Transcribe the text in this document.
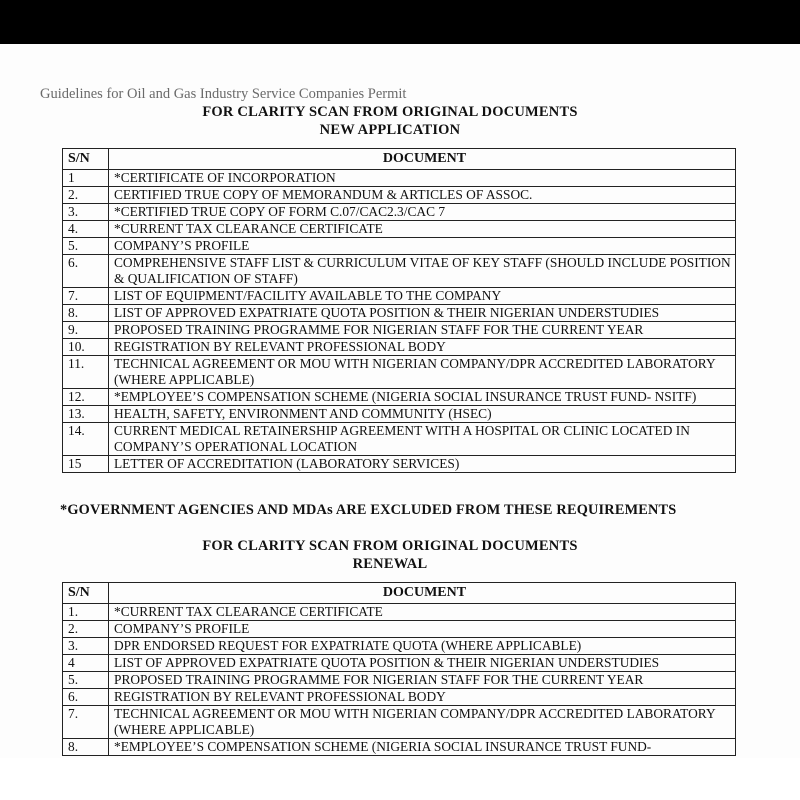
Guidelines for Oil and Gas Industry Service Companies Permit
FOR CLARITY SCAN FROM ORIGINAL DOCUMENTS
NEW APPLICATION
S/N	DOCUMENT
1	*CERTIFICATE OF INCORPORATION
2.	CERTIFIED TRUE COPY OF MEMORANDUM & ARTICLES OF ASSOC.
3.	*CERTIFIED TRUE COPY OF FORM C.07/CAC2.3/CAC 7
4.	*CURRENT TAX CLEARANCE CERTIFICATE
5.	COMPANY’S PROFILE
6.	COMPREHENSIVE STAFF LIST & CURRICULUM VITAE OF KEY STAFF (SHOULD INCLUDE POSITION & QUALIFICATION OF STAFF)
7.	LIST OF EQUIPMENT/FACILITY AVAILABLE TO THE COMPANY
8.	LIST OF APPROVED EXPATRIATE QUOTA POSITION & THEIR NIGERIAN UNDERSTUDIES
9.	PROPOSED TRAINING PROGRAMME FOR NIGERIAN STAFF FOR THE CURRENT YEAR
10.	REGISTRATION BY RELEVANT PROFESSIONAL BODY
11.	TECHNICAL AGREEMENT OR MOU WITH NIGERIAN COMPANY/DPR ACCREDITED LABORATORY (WHERE APPLICABLE)
12.	*EMPLOYEE’S COMPENSATION SCHEME (NIGERIA SOCIAL INSURANCE TRUST FUND- NSITF)
13.	HEALTH, SAFETY, ENVIRONMENT AND COMMUNITY (HSEC)
14.	CURRENT MEDICAL RETAINERSHIP AGREEMENT WITH A HOSPITAL OR CLINIC LOCATED IN COMPANY’S OPERATIONAL LOCATION
15	LETTER OF ACCREDITATION (LABORATORY SERVICES)
*GOVERNMENT AGENCIES AND MDAs ARE EXCLUDED FROM THESE REQUIREMENTS
FOR CLARITY SCAN FROM ORIGINAL DOCUMENTS
RENEWAL
S/N	DOCUMENT
1.	*CURRENT TAX CLEARANCE CERTIFICATE
2.	COMPANY’S PROFILE
3.	DPR ENDORSED REQUEST FOR EXPATRIATE QUOTA (WHERE APPLICABLE)
4	LIST OF APPROVED EXPATRIATE QUOTA POSITION & THEIR NIGERIAN UNDERSTUDIES
5.	PROPOSED TRAINING PROGRAMME FOR NIGERIAN STAFF FOR THE CURRENT YEAR
6.	REGISTRATION BY RELEVANT PROFESSIONAL BODY
7.	TECHNICAL AGREEMENT OR MOU WITH NIGERIAN COMPANY/DPR ACCREDITED LABORATORY (WHERE APPLICABLE)
8.	*EMPLOYEE’S COMPENSATION SCHEME (NIGERIA SOCIAL INSURANCE TRUST FUND-
